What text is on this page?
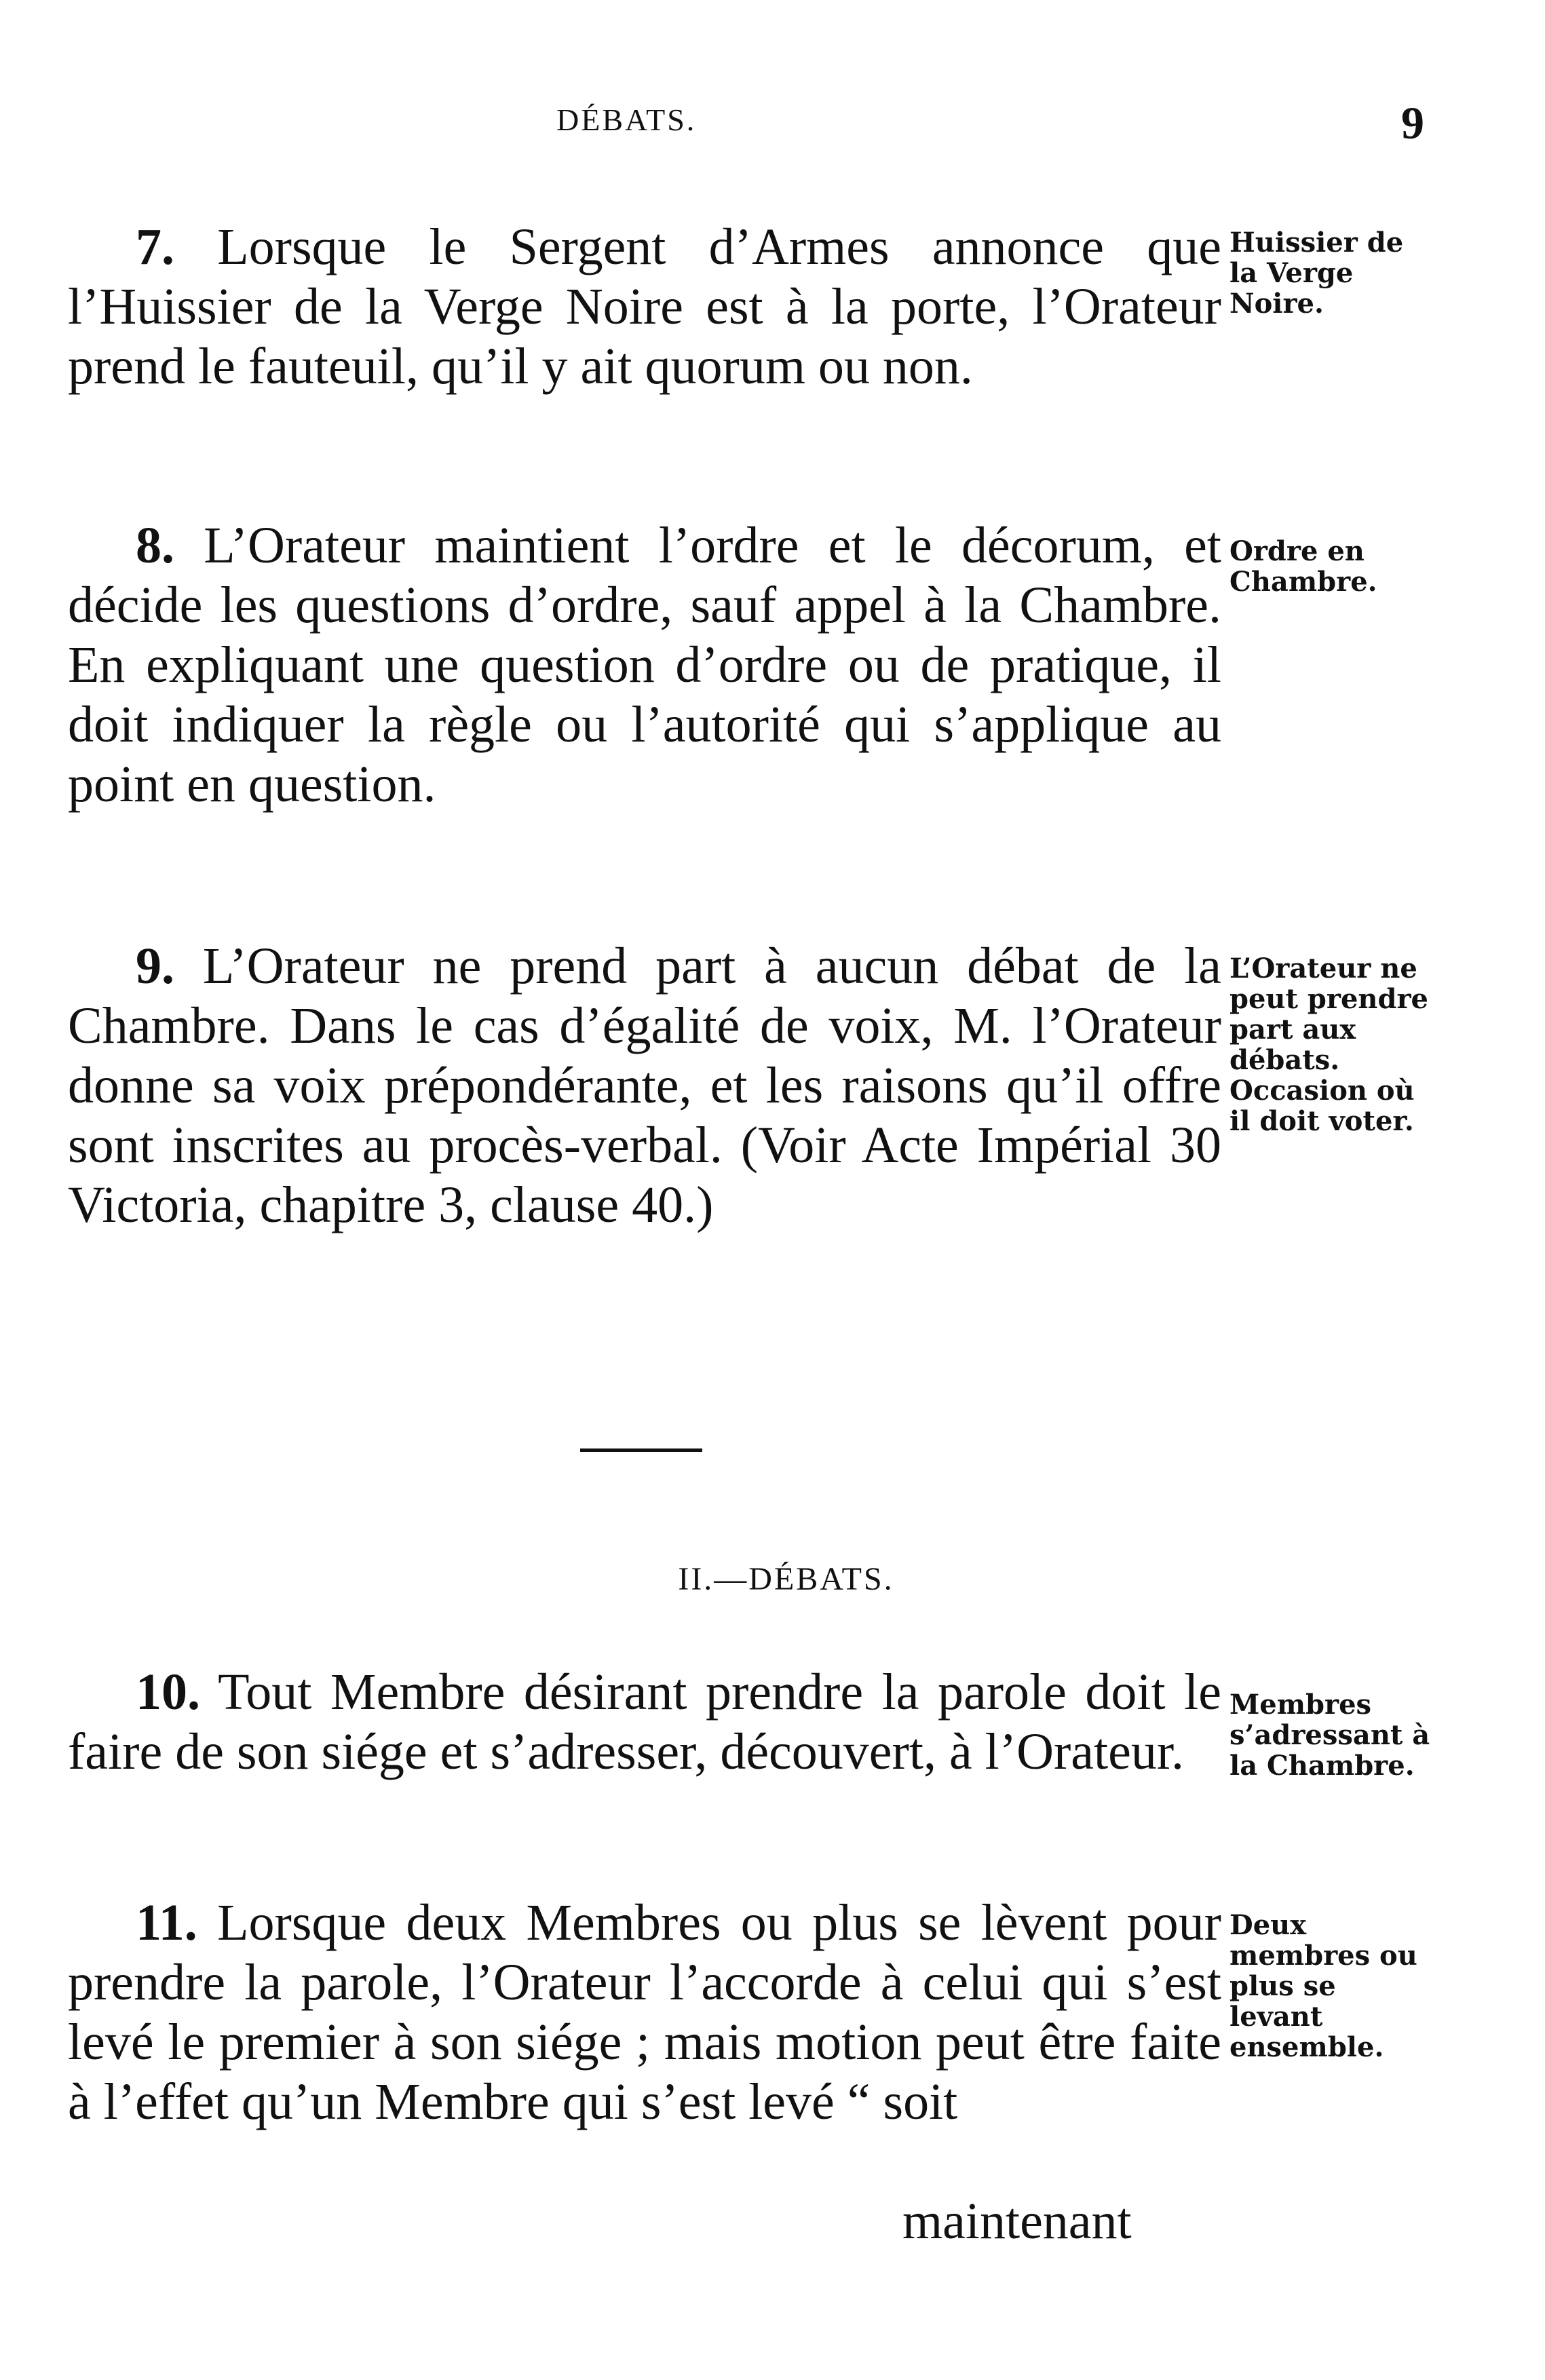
DÉBATS.	9

7. Lorsque le Sergent d’Armes annonce que l’Huissier de la Verge Noire est à la porte, l’Orateur prend le fauteuil, qu’il y ait quorum ou non.

Huissier de la Verge Noire.

8. L’Orateur maintient l’ordre et le décorum, et décide les questions d’ordre, sauf appel à la Chambre. En expliquant une question d’ordre ou de pratique, il doit indiquer la règle ou l’autorité qui s’applique au point en question.

Ordre en Chambre.

9. L’Orateur ne prend part à aucun débat de la Chambre. Dans le cas d’égalité de voix, M. l’Orateur donne sa voix prépondérante, et les raisons qu’il offre sont inscrites au procès-verbal. (Voir Acte Impérial 30 Victoria, chapitre 3, clause 40.)

L’Orateur ne peut prendre part aux débats. Occasion où il doit voter.
II.—DÉBATS.

10. Tout Membre désirant prendre la parole doit le faire de son siége et s’adresser, découvert, à l’Orateur.

Membres s’adressant à la Chambre.

11. Lorsque deux Membres ou plus se lèvent pour prendre la parole, l’Orateur l’accorde à celui qui s’est levé le premier à son siége ; mais motion peut être faite à l’effet qu’un Membre qui s’est levé “ soit

Deux membres ou plus se levant ensemble.
maintenant
